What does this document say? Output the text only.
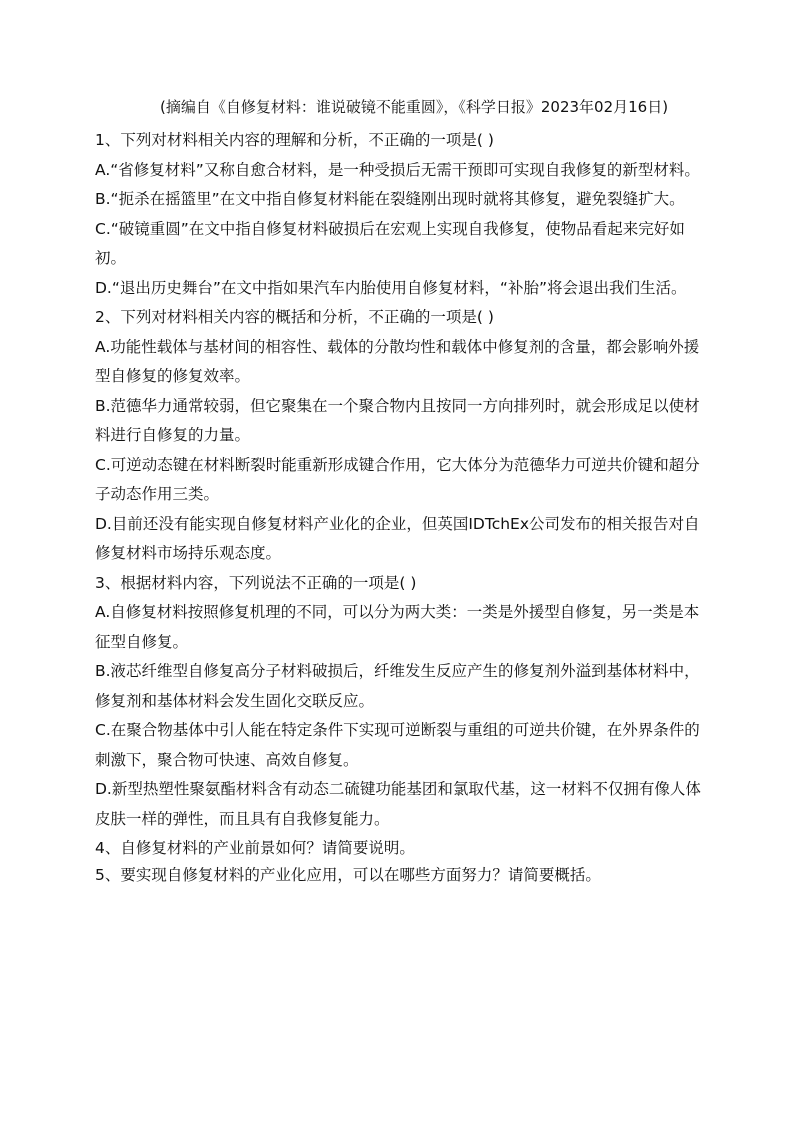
(摘编自《自修复材料：谁说破镜不能重圆》，《科学日报》2023年02月16日)

1、下列对材料相关内容的理解和分析，不正确的一项是( )

A.“省修复材料”又称自愈合材料，是一种受损后无需干预即可实现自我修复的新型材料。

B.“扼杀在摇篮里”在文中指自修复材料能在裂缝刚出现时就将其修复，避免裂缝扩大。

C.“破镜重圆”在文中指自修复材料破损后在宏观上实现自我修复，使物品看起来完好如初。

D.“退出历史舞台”在文中指如果汽车内胎使用自修复材料，“补胎”将会退出我们生活。

2、下列对材料相关内容的概括和分析，不正确的一项是( )

A.功能性载体与基材间的相容性、载体的分散均性和载体中修复剂的含量，都会影响外援型自修复的修复效率。

B.范德华力通常较弱，但它聚集在一个聚合物内且按同一方向排列时，就会形成足以使材料进行自修复的力量。

C.可逆动态键在材料断裂时能重新形成键合作用，它大体分为范德华力可逆共价键和超分子动态作用三类。

D.目前还没有能实现自修复材料产业化的企业，但英国IDTchEx公司发布的相关报告对自修复材料市场持乐观态度。

3、根据材料内容，下列说法不正确的一项是( )

A.自修复材料按照修复机理的不同，可以分为两大类：一类是外援型自修复，另一类是本征型自修复。

B.液芯纤维型自修复高分子材料破损后，纤维发生反应产生的修复剂外溢到基体材料中，修复剂和基体材料会发生固化交联反应。

C.在聚合物基体中引人能在特定条件下实现可逆断裂与重组的可逆共价键，在外界条件的刺激下，聚合物可快速、高效自修复。

D.新型热塑性聚氨酯材料含有动态二硫键功能基团和氯取代基，这一材料不仅拥有像人体皮肤一样的弹性，而且具有自我修复能力。

4、自修复材料的产业前景如何？请简要说明。

5、要实现自修复材料的产业化应用，可以在哪些方面努力？请简要概括。
